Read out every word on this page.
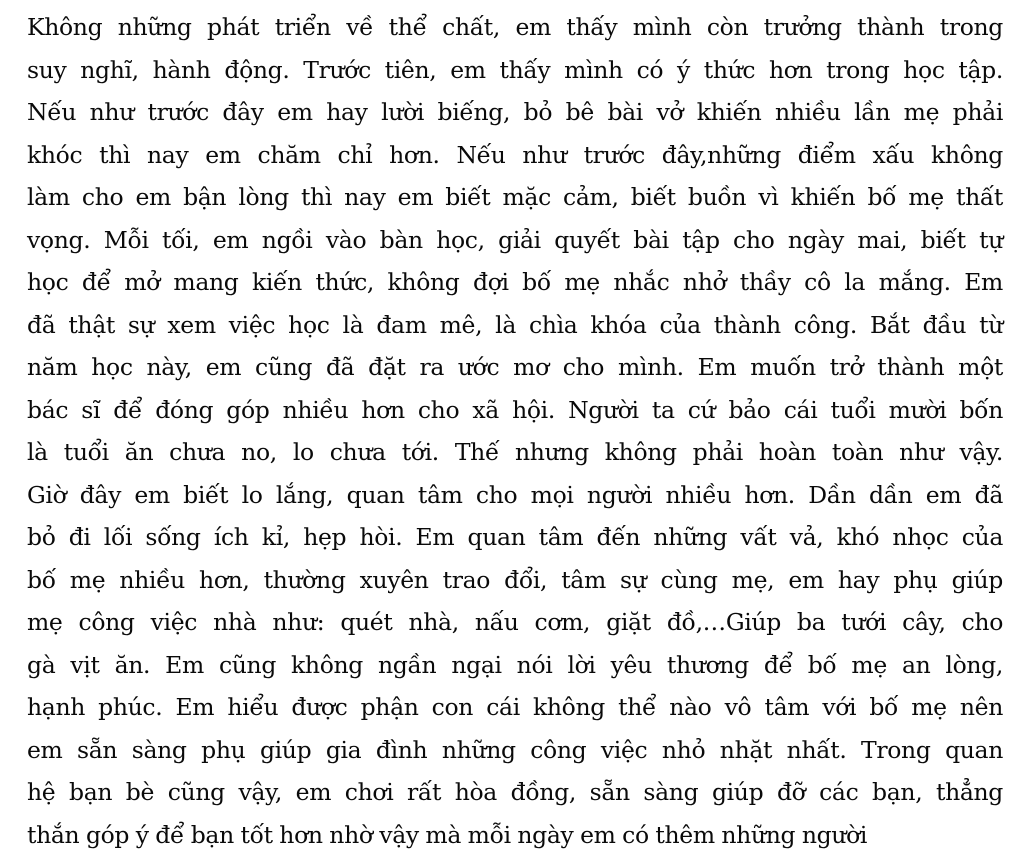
Không những phát triển về thể chất, em thấy mình còn trưởng thành trong
suy nghĩ, hành động. Trước tiên, em thấy mình có ý thức hơn trong học tập.
Nếu như trước đây em hay lười biếng, bỏ bê bài vở khiến nhiều lần mẹ phải
khóc thì nay em chăm chỉ hơn. Nếu như trước đây,những điểm xấu không
làm cho em bận lòng thì nay em biết mặc cảm, biết buồn vì khiến bố mẹ thất
vọng. Mỗi tối, em ngồi vào bàn học, giải quyết bài tập cho ngày mai, biết tự
học để mở mang kiến thức, không đợi bố mẹ nhắc nhở thầy cô la mắng. Em
đã thật sự xem việc học là đam mê, là chìa khóa của thành công. Bắt đầu từ
năm học này, em cũng đã đặt ra ước mơ cho mình. Em muốn trở thành một
bác sĩ để đóng góp nhiều hơn cho xã hội. Người ta cứ bảo cái tuổi mười bốn
là tuổi ăn chưa no, lo chưa tới. Thế nhưng không phải hoàn toàn như vậy.
Giờ đây em biết lo lắng, quan tâm cho mọi người nhiều hơn. Dần dần em đã
bỏ đi lối sống ích kỉ, hẹp hòi. Em quan tâm đến những vất vả, khó nhọc của
bố mẹ nhiều hơn, thường xuyên trao đổi, tâm sự cùng mẹ, em hay phụ giúp
mẹ công việc nhà như: quét nhà, nấu cơm, giặt đồ,…Giúp ba tưới cây, cho
gà vịt ăn. Em cũng không ngần ngại nói lời yêu thương để bố mẹ an lòng,
hạnh phúc. Em hiểu được phận con cái không thể nào vô tâm với bố mẹ nên
em sẵn sàng phụ giúp gia đình những công việc nhỏ nhặt nhất. Trong quan
hệ bạn bè cũng vậy, em chơi rất hòa đồng, sẵn sàng giúp đỡ các bạn, thẳng
thắn góp ý để bạn tốt hơn nhờ vậy mà mỗi ngày em có thêm những người
